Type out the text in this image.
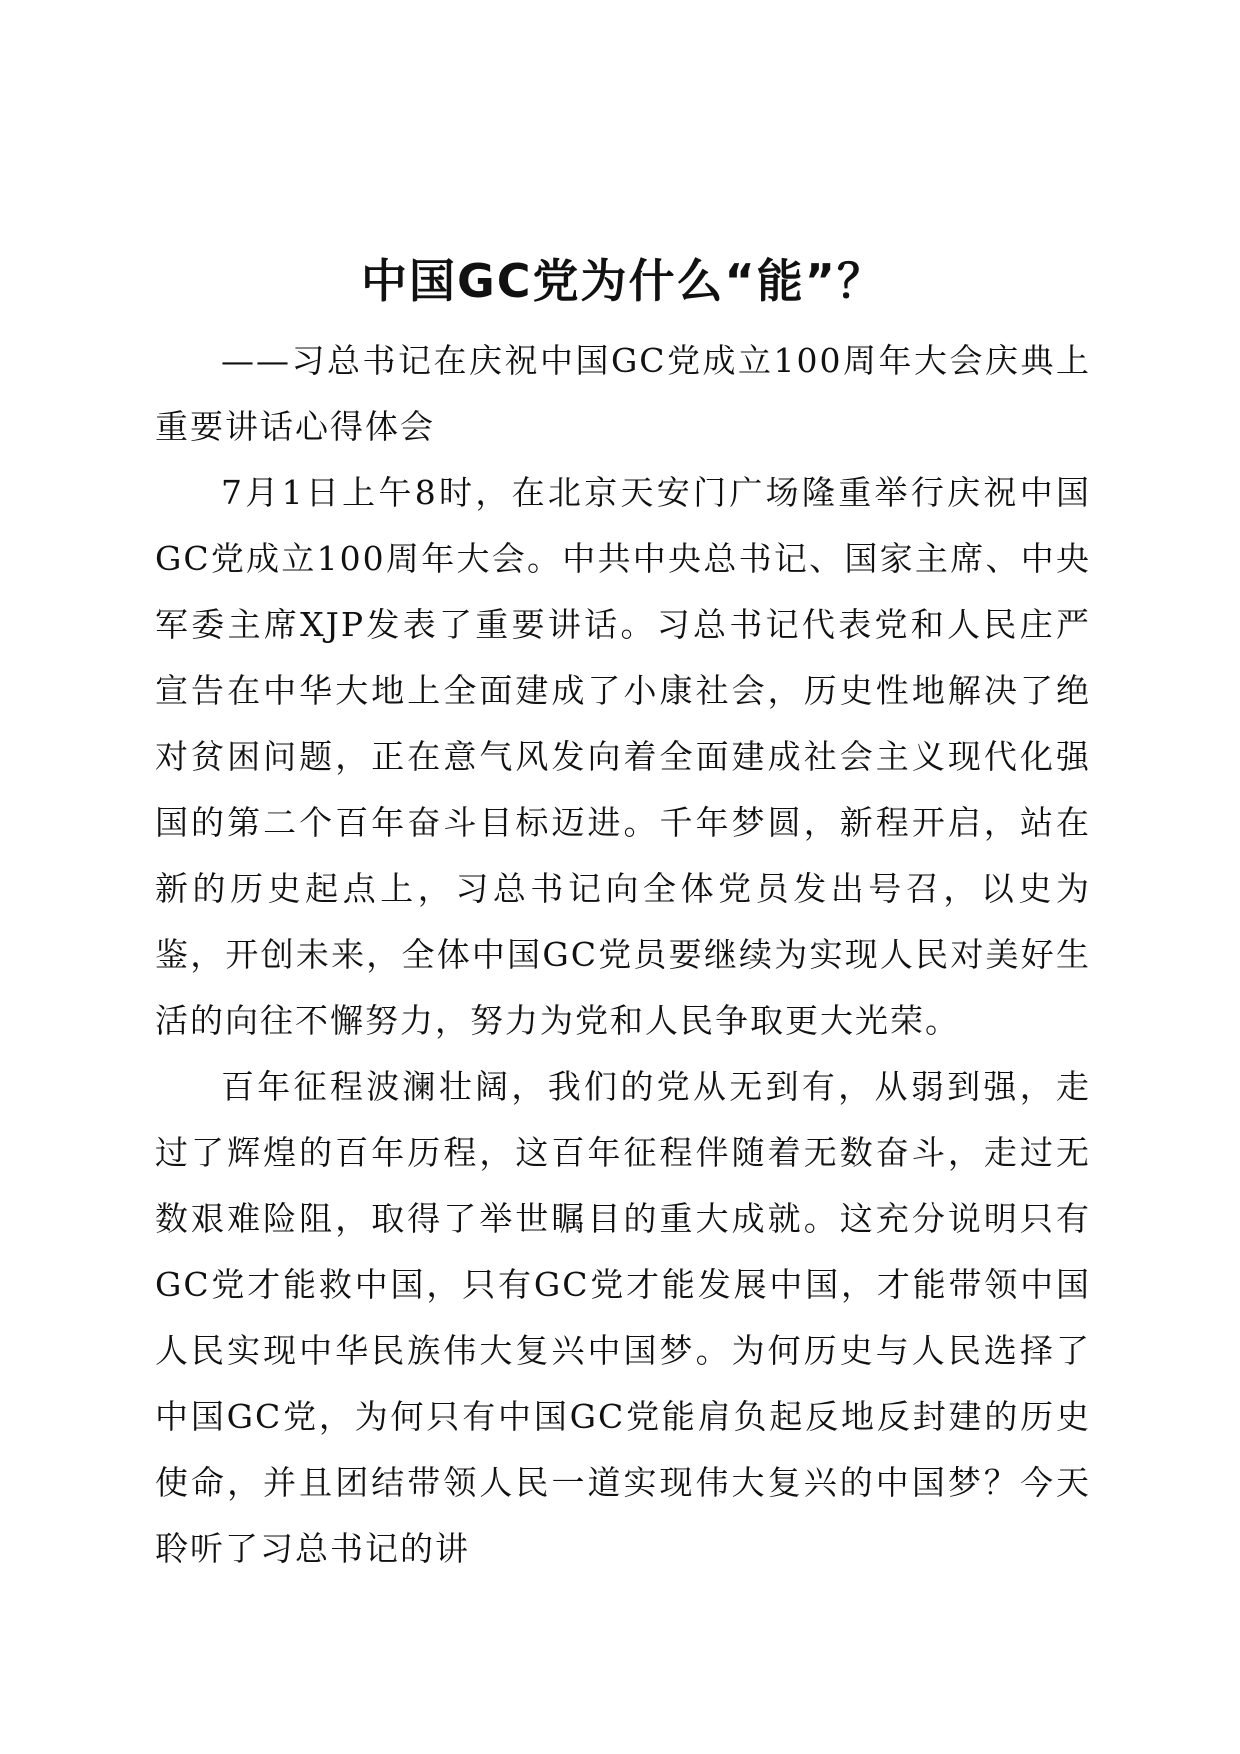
中国GC党为什么“能”？

——习总书记在庆祝中国GC党成立100周年大会庆典上重要讲话心得体会

7月1日上午8时，在北京天安门广场隆重举行庆祝中国GC党成立100周年大会。中共中央总书记、国家主席、中央军委主席XJP发表了重要讲话。习总书记代表党和人民庄严宣告在中华大地上全面建成了小康社会，历史性地解决了绝对贫困问题，正在意气风发向着全面建成社会主义现代化强国的第二个百年奋斗目标迈进。千年梦圆，新程开启，站在新的历史起点上，习总书记向全体党员发出号召，以史为鉴，开创未来，全体中国GC党员要继续为实现人民对美好生活的向往不懈努力，努力为党和人民争取更大光荣。

百年征程波澜壮阔，我们的党从无到有，从弱到强，走过了辉煌的百年历程，这百年征程伴随着无数奋斗，走过无数艰难险阻，取得了举世瞩目的重大成就。这充分说明只有GC党才能救中国，只有GC党才能发展中国，才能带领中国人民实现中华民族伟大复兴中国梦。为何历史与人民选择了中国GC党，为何只有中国GC党能肩负起反地反封建的历史使命，并且团结带领人民一道实现伟大复兴的中国梦？今天聆听了习总书记的讲
